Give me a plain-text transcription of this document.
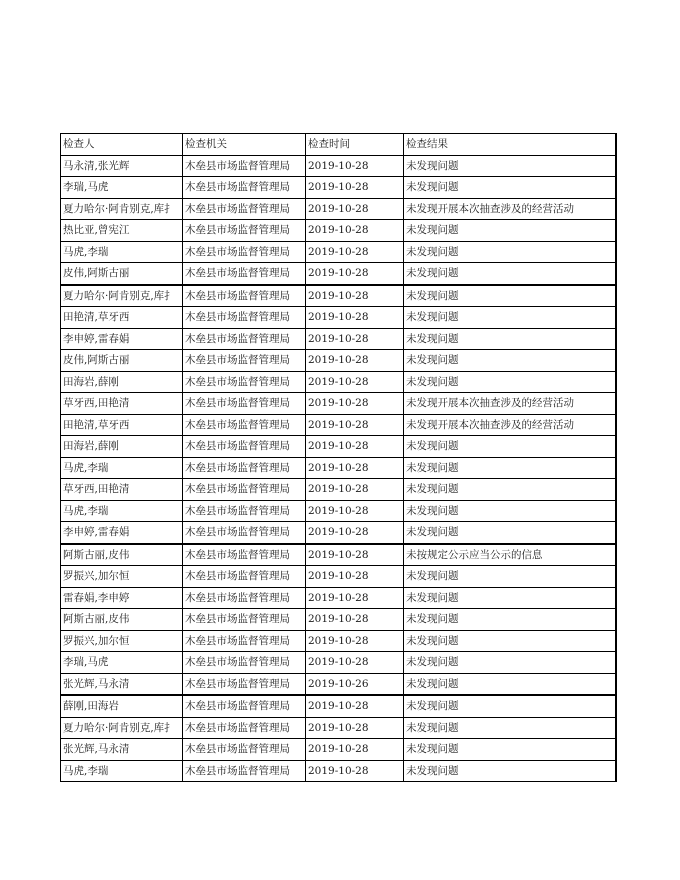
检查人	检查机关	检查时间	检查结果
马永清,张光辉	木垒县市场监督管理局	2019-10-28	未发现问题
李瑞,马虎	木垒县市场监督管理局	2019-10-28	未发现问题
夏力哈尔·阿肯别克,库扌	木垒县市场监督管理局	2019-10-28	未发现开展本次抽查涉及的经营活动
热比亚,曾宪江	木垒县市场监督管理局	2019-10-28	未发现问题
马虎,李瑞	木垒县市场监督管理局	2019-10-28	未发现问题
皮伟,阿斯古丽	木垒县市场监督管理局	2019-10-28	未发现问题
夏力哈尔·阿肯别克,库扌	木垒县市场监督管理局	2019-10-28	未发现问题
田艳清,草牙西	木垒县市场监督管理局	2019-10-28	未发现问题
李申婷,雷春娟	木垒县市场监督管理局	2019-10-28	未发现问题
皮伟,阿斯古丽	木垒县市场监督管理局	2019-10-28	未发现问题
田海岩,薛刚	木垒县市场监督管理局	2019-10-28	未发现问题
草牙西,田艳清	木垒县市场监督管理局	2019-10-28	未发现开展本次抽查涉及的经营活动
田艳清,草牙西	木垒县市场监督管理局	2019-10-28	未发现开展本次抽查涉及的经营活动
田海岩,薛刚	木垒县市场监督管理局	2019-10-28	未发现问题
马虎,李瑞	木垒县市场监督管理局	2019-10-28	未发现问题
草牙西,田艳清	木垒县市场监督管理局	2019-10-28	未发现问题
马虎,李瑞	木垒县市场监督管理局	2019-10-28	未发现问题
李申婷,雷春娟	木垒县市场监督管理局	2019-10-28	未发现问题
阿斯古丽,皮伟	木垒县市场监督管理局	2019-10-28	未按规定公示应当公示的信息
罗振兴,加尔恒	木垒县市场监督管理局	2019-10-28	未发现问题
雷春娟,李申婷	木垒县市场监督管理局	2019-10-28	未发现问题
阿斯古丽,皮伟	木垒县市场监督管理局	2019-10-28	未发现问题
罗振兴,加尔恒	木垒县市场监督管理局	2019-10-28	未发现问题
李瑞,马虎	木垒县市场监督管理局	2019-10-28	未发现问题
张光辉,马永清	木垒县市场监督管理局	2019-10-26	未发现问题
薛刚,田海岩	木垒县市场监督管理局	2019-10-28	未发现问题
夏力哈尔·阿肯别克,库扌	木垒县市场监督管理局	2019-10-28	未发现问题
张光辉,马永清	木垒县市场监督管理局	2019-10-28	未发现问题
马虎,李瑞	木垒县市场监督管理局	2019-10-28	未发现问题
